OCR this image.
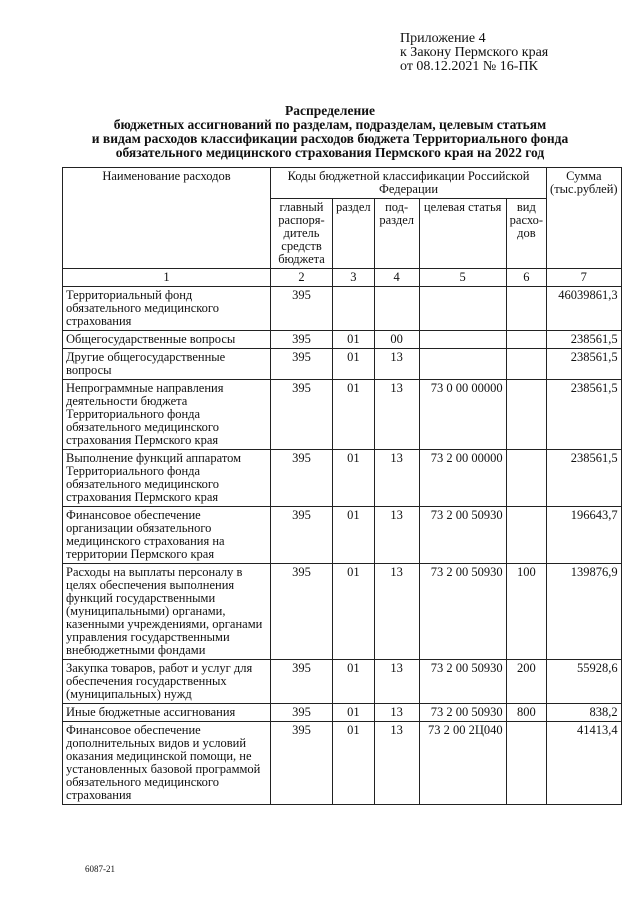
Приложение 4
к Закону Пермского края
от 08.12.2021 № 16-ПК
Распределение
бюджетных ассигнований по разделам, подразделам, целевым статьям
и видам расходов классификации расходов бюджета Территориального фонда
обязательного медицинского страхования Пермского края на 2022 год
Наименование расходов	Коды бюджетной классификации Российской Федерации					Сумма (тыс.рублей)
	главный распоря-дитель средств бюджета	раздел	под-раздел	целевая статья	вид расхо-дов	
1	2	3	4	5	6	7
Территориальный фонд обязательного медицинского страхования	395					46039861,3
Общегосударственные вопросы	395	01	00			238561,5
Другие общегосударственные вопросы	395	01	13			238561,5
Непрограммные направления деятельности бюджета Территориального фонда обязательного медицинского страхования Пермского края	395	01	13	73 0 00 00000		238561,5
Выполнение функций аппаратом Территориального фонда обязательного медицинского страхования Пермского края	395	01	13	73 2 00 00000		238561,5
Финансовое обеспечение организации обязательного медицинского страхования на территории Пермского края	395	01	13	73 2 00 50930		196643,7
Расходы на выплаты персоналу в целях обеспечения выполнения функций государственными (муниципальными) органами, казенными учреждениями, органами управления государственными внебюджетными фондами	395	01	13	73 2 00 50930	100	139876,9
Закупка товаров, работ и услуг для обеспечения государственных (муниципальных) нужд	395	01	13	73 2 00 50930	200	55928,6
Иные бюджетные ассигнования	395	01	13	73 2 00 50930	800	838,2
Финансовое обеспечение дополнительных видов и условий оказания медицинской помощи, не установленных базовой программой обязательного медицинского страхования	395	01	13	73 2 00 2Ц040		41413,4
6087-21
